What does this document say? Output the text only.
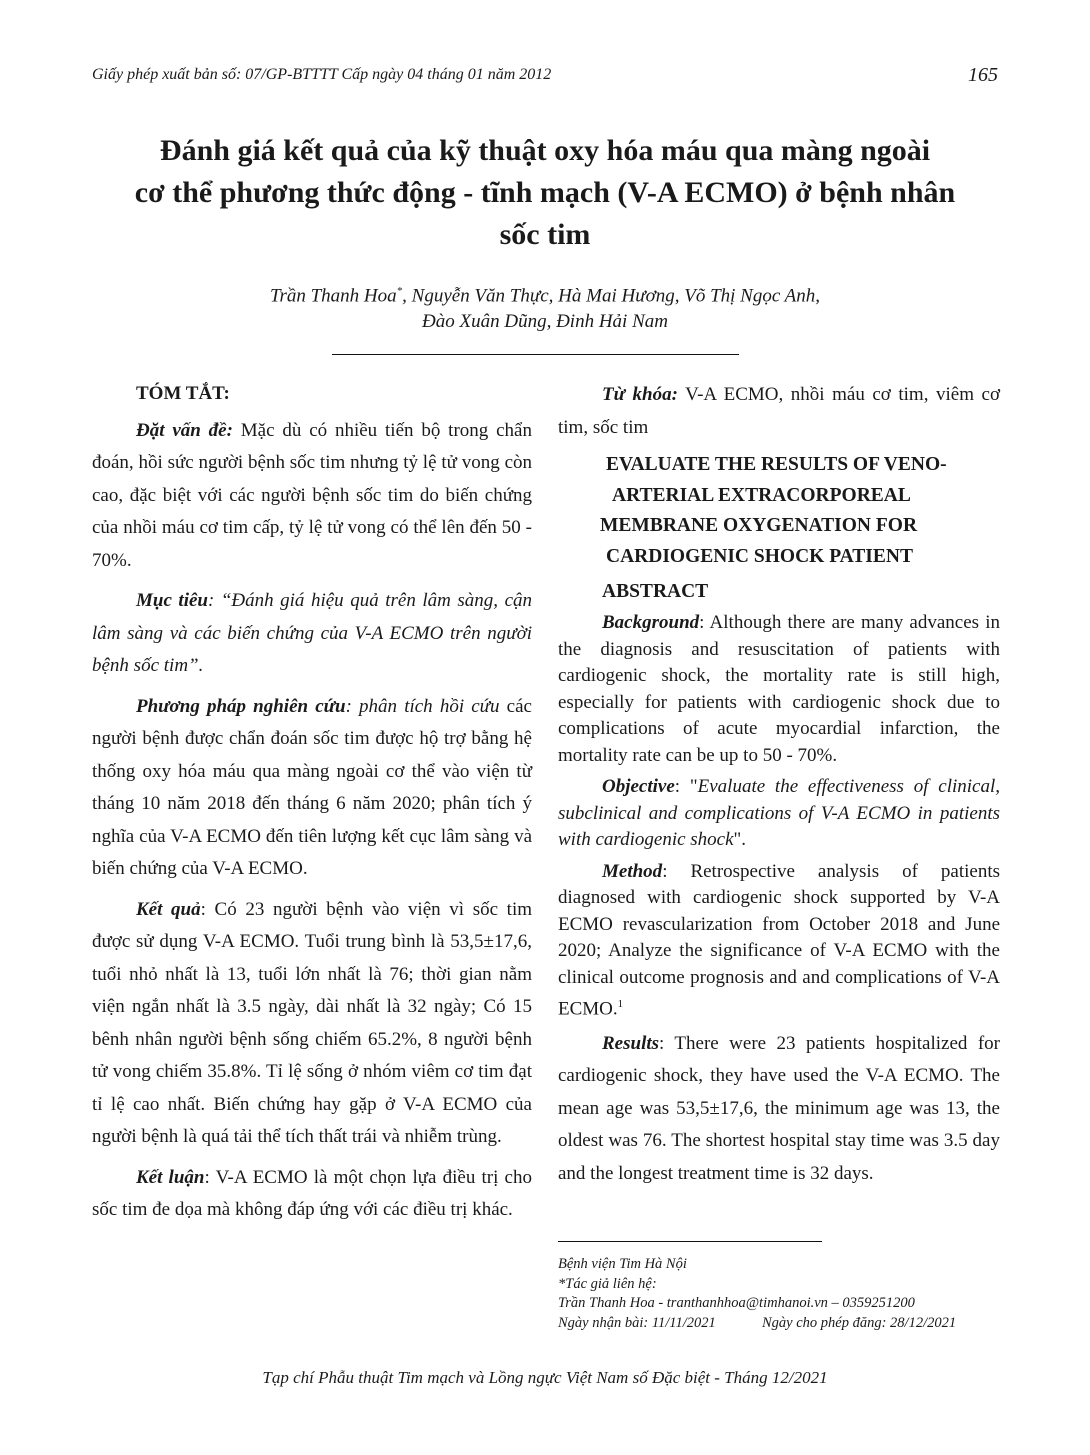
Giấy phép xuất bản số: 07/GP-BTTTT Cấp ngày 04 tháng 01 năm 2012	165
Đánh giá kết quả của kỹ thuật oxy hóa máu qua màng ngoài
cơ thể phương thức động - tĩnh mạch (V-A ECMO) ở bệnh nhân
sốc tim
Trần Thanh Hoa*, Nguyễn Văn Thực, Hà Mai Hương, Võ Thị Ngọc Anh,
Đào Xuân Dũng, Đinh Hải Nam

TÓM TẮT:

Đặt vấn đề: Mặc dù có nhiều tiến bộ trong chẩn đoán, hồi sức người bệnh sốc tim nhưng tỷ lệ tử vong còn cao, đặc biệt với các người bệnh sốc tim do biến chứng của nhồi máu cơ tim cấp, tỷ lệ tử vong có thể lên đến 50 - 70%.

Mục tiêu: “Đánh giá hiệu quả trên lâm sàng, cận lâm sàng và các biến chứng của V-A ECMO trên người bệnh sốc tim”.

Phương pháp nghiên cứu: phân tích hồi cứu các người bệnh được chẩn đoán sốc tim được hộ trợ bằng hệ thống oxy hóa máu qua màng ngoài cơ thể vào viện từ tháng 10 năm 2018 đến tháng 6 năm 2020; phân tích ý nghĩa của V-A ECMO đến tiên lượng kết cục lâm sàng và biến chứng của V-A ECMO.

Kết quả: Có 23 người bệnh vào viện vì sốc tim được sử dụng V-A ECMO. Tuổi trung bình là 53,5±17,6, tuổi nhỏ nhất là 13, tuổi lớn nhất là 76; thời gian nằm viện ngắn nhất là 3.5 ngày, dài nhất là 32 ngày; Có 15 bênh nhân người bệnh sống chiếm 65.2%, 8 người bệnh tử vong chiếm 35.8%. Tỉ lệ sống ở nhóm viêm cơ tim đạt tỉ lệ cao nhất. Biến chứng hay gặp ở V-A ECMO của người bệnh là quá tải thể tích thất trái và nhiễm trùng.

Kết luận: V-A ECMO là một chọn lựa điều trị cho sốc tim đe dọa mà không đáp ứng với các điều trị khác.

Từ khóa: V-A ECMO, nhồi máu cơ tim, viêm cơ tim, sốc tim

EVALUATE THE RESULTS OF VENO-
ARTERIAL EXTRACORPOREAL
MEMBRANE OXYGENATION FOR
CARDIOGENIC SHOCK PATIENT

ABSTRACT

Background: Although there are many advances in the diagnosis and resuscitation of patients with cardiogenic shock, the mortality rate is still high, especially for patients with cardiogenic shock due to complications of acute myocardial infarction, the mortality rate can be up to 50 - 70%.

Objective: "Evaluate the effectiveness of clinical, subclinical and complications of V-A ECMO in patients with cardiogenic shock".

Method: Retrospective analysis of patients diagnosed with cardiogenic shock supported by V-A ECMO revascularization from October 2018 and June 2020; Analyze the significance of V-A ECMO with the clinical outcome prognosis and and complications of V-A ECMO.$^1$

Results: There were 23 patients hospitalized for cardiogenic shock, they have used the V-A ECMO. The mean age was 53,5±17,6, the minimum age was 13, the oldest was 76. The shortest hospital stay time was 3.5 day and the longest treatment time is 32 days.

Bệnh viện Tim Hà Nội
*Tác giả liên hệ:
Trần Thanh Hoa - tranthanhhoa@timhanoi.vn – 0359251200
Ngày nhận bài: 11/11/2021	Ngày cho phép đăng: 28/12/2021
Tạp chí Phẫu thuật Tim mạch và Lồng ngực Việt Nam số Đặc biệt - Tháng 12/2021
